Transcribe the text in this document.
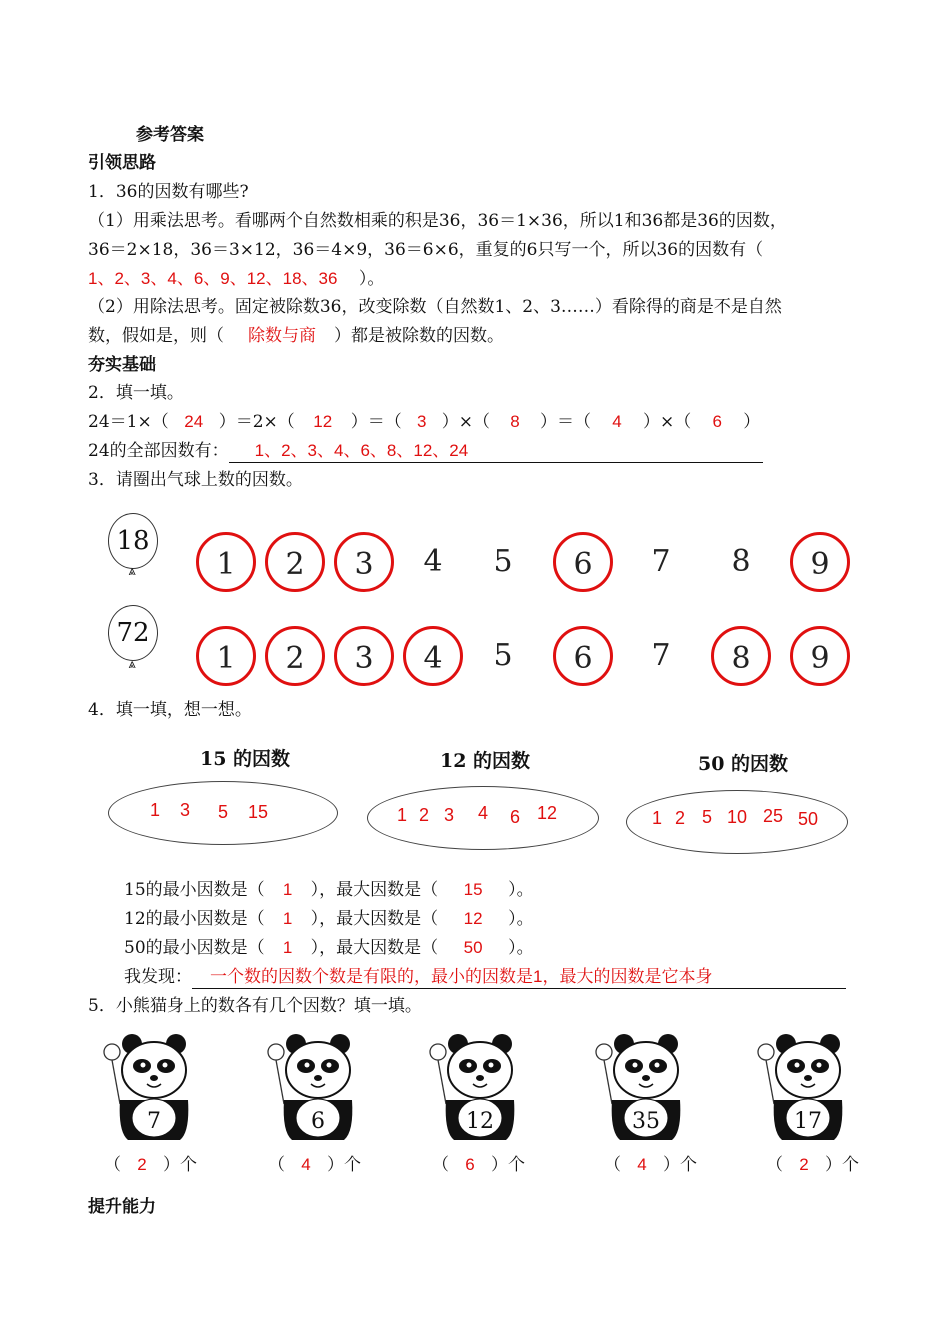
参考答案
引领思路
1．36的因数有哪些?
（1）用乘法思考。看哪两个自然数相乘的积是36，36＝1×36，所以1和36都是36的因数，
36＝2×18，36＝3×12，36＝4×9，36＝6×6，重复的6只写一个，所以36的因数有（
1、2、3、4、6、9、12、18、36 ）。
（2）用除法思考。固定被除数36，改变除数（自然数1、2、3……）看除得的商是不是自然
数，假如是，则（ 除数与商 ）都是被除数的因数。
夯实基础
2．填一填。
24＝1×（ 24 ）＝2×（ 12 ）＝（ 3 ）×（ 8 ）＝（ 4 ）×（ 6 ）
24的全部因数有： 1、2、3、4、6、8、12、24
3．请圈出气球上数的因数。
18
⩓	1	2	3	4	5	6	7	8	9
72
⩓	1	2	3	4	5	6	7	8	9
4．填一填，想一想。
15 的因数
1 3 5 15
12 的因数
1 2 3 4 6 12
50 的因数
1 2 5 10 25 50
15的最小因数是（ 1 ），最大因数是（ 15 ）。
12的最小因数是（ 1 ），最大因数是（ 12 ）。
50的最小因数是（ 1 ），最大因数是（ 50 ）。
我发现： 一个数的因数个数是有限的，最小的因数是1，最大的因数是它本身
5．小熊猫身上的数各有几个因数？填一填。
7
（ 2 ）个
6
（ 4 ）个
12
（ 6 ）个
35
（ 4 ）个
17
（ 2 ）个
提升能力
